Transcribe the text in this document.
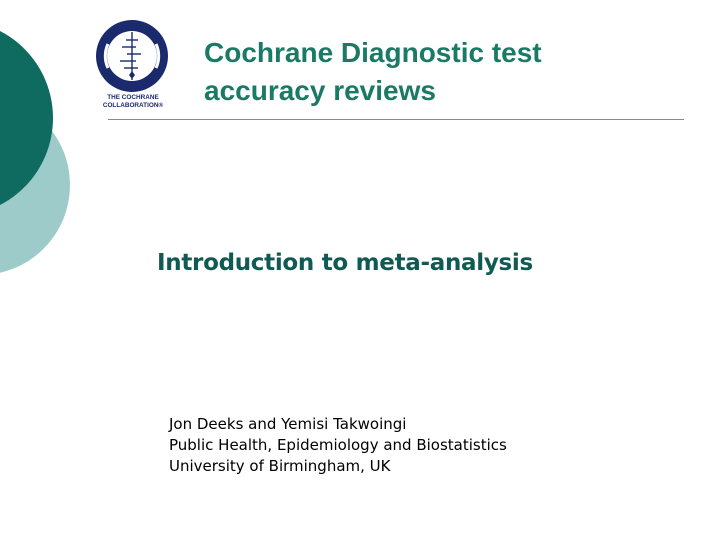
THE COCHRANE
COLLABORATION®
Cochrane Diagnostic test
accuracy reviews
Introduction to meta-analysis
Jon Deeks and Yemisi Takwoingi
Public Health, Epidemiology and Biostatistics
University of Birmingham, UK
